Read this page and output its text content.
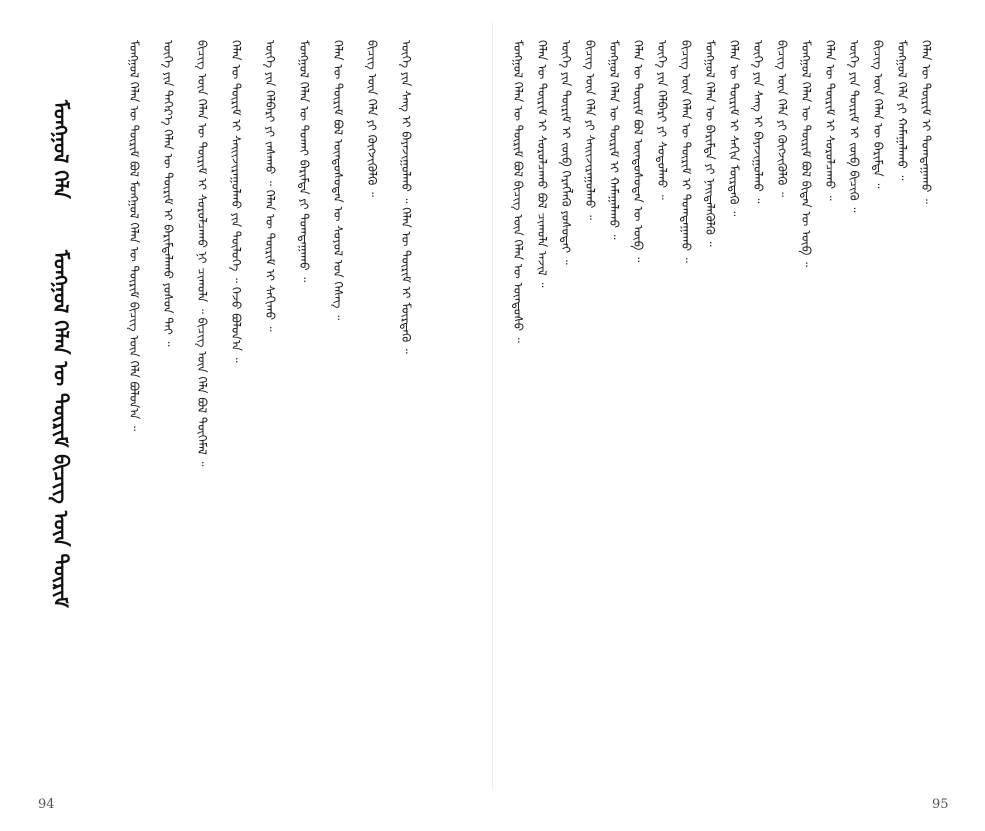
ᠮᠣᠩᠭᠣᠯ ᠬᠡᠯᠡ
ᠮᠣᠩᠭᠣᠯ ᠬᠡᠯᠡᠨ ᠦ ᠳᠦᠷᠢᠮ ᠪᠢᠴᠢᠭ ᠦᠨ ᠳᠦᠷᠢᠮ	ᠮᠣᠩᠭᠣᠯ ᠬᠡᠯᠡᠨ ᠦ ᠳᠦᠷᠢᠮ ᠪᠣᠯ ᠮᠣᠩᠭᠣᠯ ᠬᠡᠯᠡᠨ ᠦ ᠳᠦᠷᠢᠮ ᠪᠢᠴᠢᠭ ᠦᠨ ᠬᠡᠯᠡ ᠪᠣᠯᠤᠨ᠎ᠠ ᠃ ᠦᠭᠡ ᠶᠢᠨ ᠳᠡᠭᠡᠷ᠎ᠡ ᠬᠡᠯᠡᠨ ᠦ ᠳᠦᠷᠢᠮ ᠢ ᠪᠠᠷᠢᠮᠲᠠᠯᠠᠬᠤ ᠶᠤᠰᠤᠨ ᠲᠠᠢ ᠃ ᠪᠢᠴᠢᠭ ᠦᠨ ᠬᠡᠯᠡᠨ ᠦ ᠳᠦᠷᠢᠮ ᠢ ᠰᠤᠷᠤᠯᠴᠠᠬᠤ ᠨᠢ ᠴᠢᠬᠤᠯᠠ ᠃ ᠪᠢᠴᠢᠭ ᠦᠨ ᠬᠡᠯᠡ ᠪᠣᠯ ᠲᠦᠭᠡᠮᠡᠯ ᠃ ᠬᠡᠯᠡᠨ ᠦ ᠳᠦᠷᠢᠮ ᠢ ᠰᠠᠢᠢᠵᠢᠷᠠᠭᠤᠯᠬᠤ ᠶᠢᠨ ᠲᠥᠯᠥᠭᠡ ᠃ ᠭᠡᠵᠦ ᠪᠣᠯᠤᠨ᠎ᠠ ᠃ ᠦᠭᠡ ᠶᠢᠨ ᠬᠡᠯᠪᠡᠷᠢ ᠶᠢ ᠵᠠᠰᠠᠬᠤ ᠃ ᠬᠡᠯᠡᠨ ᠦ ᠳᠦᠷᠢᠮ ᠢ ᠰᠠᠬᠢᠬᠤ ᠃ ᠮᠣᠩᠭᠣᠯ ᠬᠡᠯᠡᠨ ᠦ ᠲᠤᠬᠠᠢ ᠪᠠᠷᠢᠮᠲᠠ ᠶᠢ ᠲᠣᠭᠲᠠᠭᠠᠬᠤ ᠃ ᠬᠡᠯᠡᠨ ᠦ ᠳᠦᠷᠢᠮ ᠪᠣᠯ ᠦᠨᠳᠦᠰᠦᠲᠡᠨ ᠦ ᠰᠣᠶᠣᠯ ᠤᠨ ᠬᠡᠰᠡᠭ ᠃ ᠪᠢᠴᠢᠭ ᠦᠨ ᠬᠡᠯᠡ ᠶᠢ ᠬᠥᠭᠵᠢᠭᠦᠯᠬᠦ ᠃ ᠦᠭᠡ ᠶᠢᠨ ᠰᠠᠩ ᠢ ᠪᠠᠶᠠᠵᠢᠭᠤᠯᠬᠤ ᠃ ᠬᠡᠯᠡᠨ ᠦ ᠳᠦᠷᠢᠮ ᠢ ᠮᠥᠷᠳᠡᠬᠦ ᠃
94
ᠮᠣᠩᠭᠣᠯ ᠬᠡᠯᠡᠨ ᠦ ᠳᠦᠷᠢᠮ ᠪᠣᠯ ᠪᠢᠴᠢᠭ ᠦᠨ ᠬᠡᠯᠡᠨ ᠦ ᠦᠨᠳᠦᠰᠦ ᠃ ᠬᠡᠯᠡᠨ ᠦ ᠳᠦᠷᠢᠮ ᠢ ᠰᠤᠷᠤᠯᠴᠠᠬᠤ ᠪᠣᠯ ᠴᠢᠬᠤᠯᠠ ᠠᠵᠢᠯ ᠃ ᠦᠭᠡ ᠶᠢᠨ ᠳᠦᠷᠢᠮ ᠢ ᠵᠥᠪ ᠬᠡᠷᠡᠭᠯᠡᠬᠦ ᠶᠤᠰᠤᠲᠠᠢ ᠃ ᠪᠢᠴᠢᠭ ᠦᠨ ᠬᠡᠯᠡ ᠶᠢ ᠰᠠᠢᠢᠵᠢᠷᠠᠭᠤᠯᠬᠤ ᠃ ᠮᠣᠩᠭᠣᠯ ᠬᠡᠯᠡᠨ ᠦ ᠳᠦᠷᠢᠮ ᠢ ᠬᠠᠮᠠᠭᠠᠯᠠᠬᠤ ᠃ ᠬᠡᠯᠡᠨ ᠦ ᠳᠦᠷᠢᠮ ᠪᠣᠯ ᠦᠨᠳᠦᠰᠦᠲᠡᠨ ᠦ ᠥᠪ ᠃ ᠦᠭᠡ ᠶᠢᠨ ᠬᠡᠯᠪᠡᠷᠢ ᠶᠢ ᠰᠣᠳᠤᠯᠬᠤ ᠃ ᠪᠢᠴᠢᠭ ᠦᠨ ᠬᠡᠯᠡᠨ ᠦ ᠳᠦᠷᠢᠮ ᠢ ᠲᠣᠭᠲᠠᠭᠠᠬᠤ ᠃ ᠮᠣᠩᠭᠣᠯ ᠬᠡᠯᠡᠨ ᠦ ᠪᠠᠷᠢᠮᠲᠠ ᠶᠢ ᠨᠡᠢᠲᠡᠯᠡᠭᠦᠯᠬᠦ ᠃ ᠬᠡᠯᠡᠨ ᠦ ᠳᠦᠷᠢᠮ ᠢ ᠰᠠᠬᠢᠨ ᠮᠥᠷᠳᠡᠬᠦ ᠃ ᠦᠭᠡ ᠶᠢᠨ ᠰᠠᠩ ᠢ ᠪᠠᠶᠠᠵᠢᠭᠤᠯᠬᠤ ᠃ ᠪᠢᠴᠢᠭ ᠦᠨ ᠬᠡᠯᠡ ᠶᠢ ᠬᠥᠭᠵᠢᠭᠦᠯᠬᠦ ᠃ ᠮᠣᠩᠭᠣᠯ ᠬᠡᠯᠡᠨ ᠦ ᠳᠦᠷᠢᠮ ᠪᠣᠯ ᠪᠢᠳᠡᠨ ᠦ ᠥᠪ ᠃ ᠬᠡᠯᠡᠨ ᠦ ᠳᠦᠷᠢᠮ ᠢ ᠰᠤᠷᠤᠯᠴᠠᠬᠤ ᠃ ᠦᠭᠡ ᠶᠢᠨ ᠳᠦᠷᠢᠮ ᠢ ᠵᠥᠪ ᠪᠢᠴᠢᠬᠦ ᠃ ᠪᠢᠴᠢᠭ ᠦᠨ ᠬᠡᠯᠡᠨ ᠦ ᠪᠠᠷᠢᠮᠲᠠ ᠃ ᠮᠣᠩᠭᠣᠯ ᠬᠡᠯᠡ ᠶᠢ ᠬᠠᠮᠠᠭᠠᠯᠠᠬᠤ ᠃ ᠬᠡᠯᠡᠨ ᠦ ᠳᠦᠷᠢᠮ ᠢ ᠲᠣᠭᠲᠠᠭᠠᠬᠤ ᠃
95
